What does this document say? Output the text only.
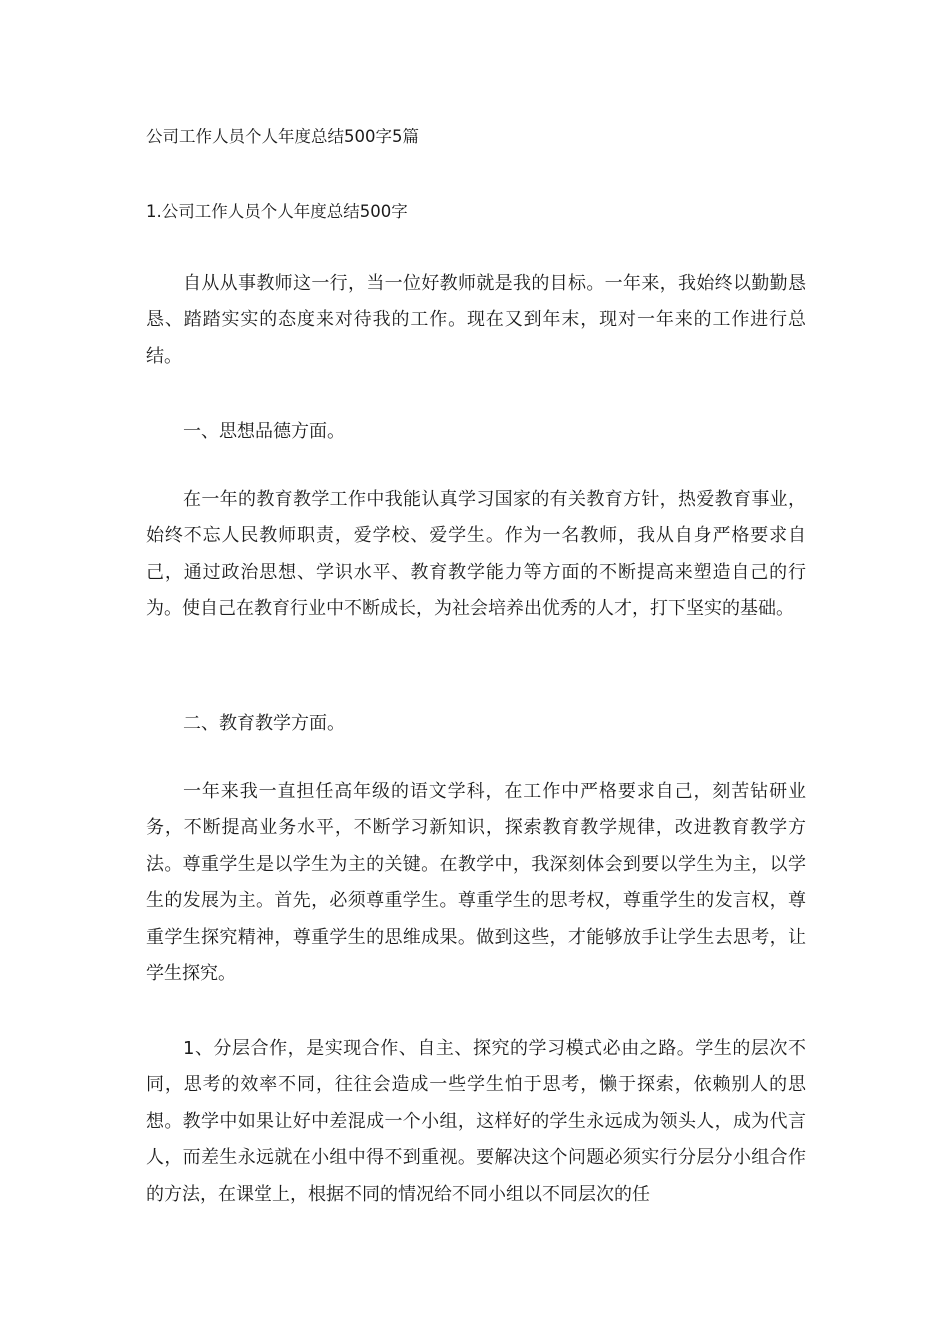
公司工作人员个人年度总结500字5篇
1.公司工作人员个人年度总结500字

自从从事教师这一行，当一位好教师就是我的目标。一年来，我始终以勤勤恳恳、踏踏实实的态度来对待我的工作。现在又到年末，现对一年来的工作进行总结。

一、思想品德方面。

在一年的教育教学工作中我能认真学习国家的有关教育方针，热爱教育事业，始终不忘人民教师职责，爱学校、爱学生。作为一名教师，我从自身严格要求自己，通过政治思想、学识水平、教育教学能力等方面的不断提高来塑造自己的行为。使自己在教育行业中不断成长，为社会培养出优秀的人才，打下坚实的基础。

二、教育教学方面。

一年来我一直担任高年级的语文学科，在工作中严格要求自己，刻苦钻研业务，不断提高业务水平，不断学习新知识，探索教育教学规律，改进教育教学方法。尊重学生是以学生为主的关键。在教学中，我深刻体会到要以学生为主，以学生的发展为主。首先，必须尊重学生。尊重学生的思考权，尊重学生的发言权，尊重学生探究精神，尊重学生的思维成果。做到这些，才能够放手让学生去思考，让学生探究。

1、分层合作，是实现合作、自主、探究的学习模式必由之路。学生的层次不同，思考的效率不同，往往会造成一些学生怕于思考，懒于探索，依赖别人的思想。教学中如果让好中差混成一个小组，这样好的学生永远成为领头人，成为代言人，而差生永远就在小组中得不到重视。要解决这个问题必须实行分层分小组合作的方法，在课堂上，根据不同的情况给不同小组以不同层次的任
